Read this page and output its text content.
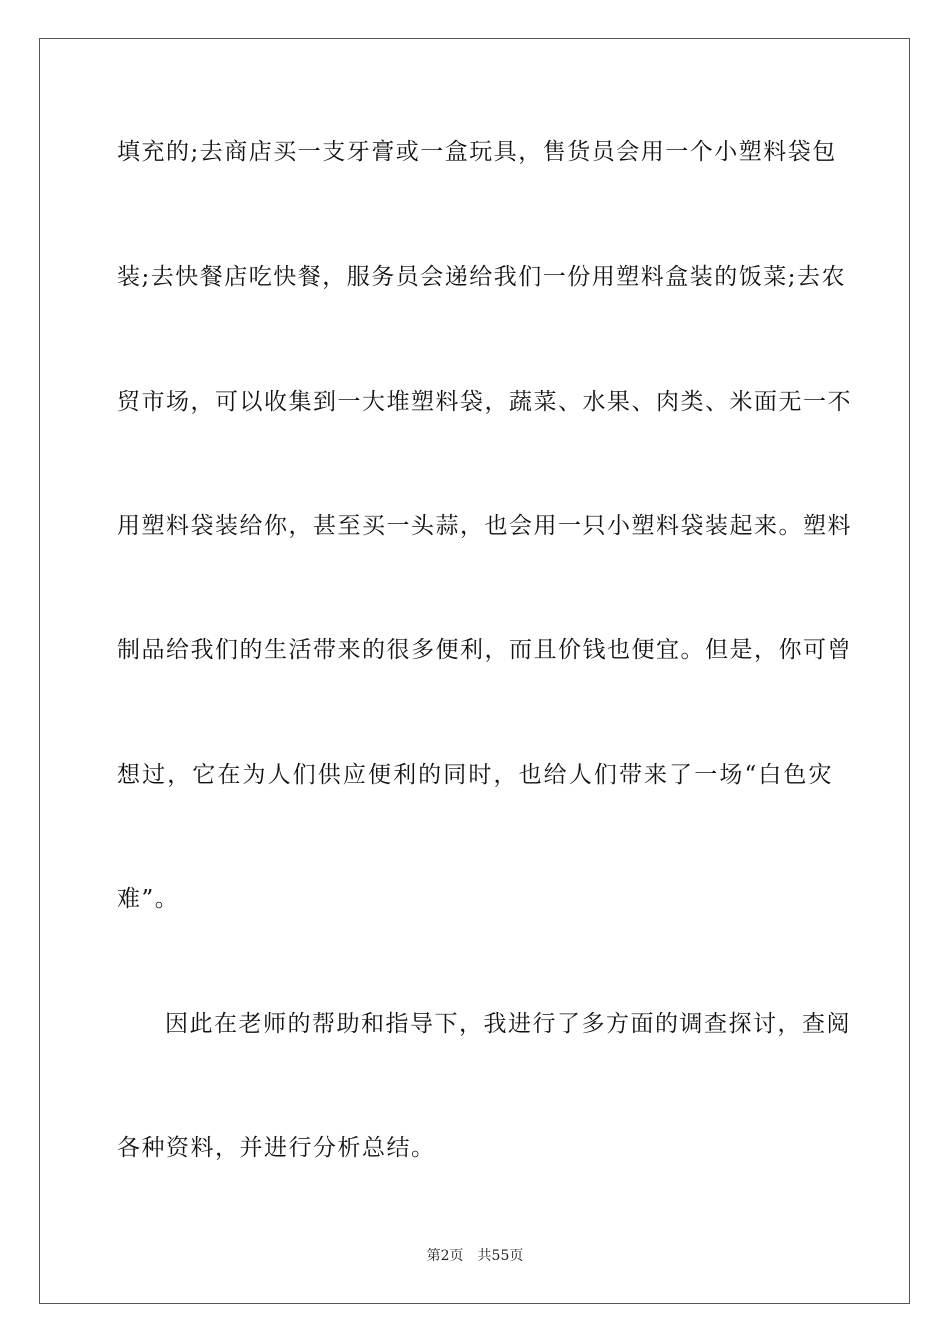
填充的;去商店买一支牙膏或一盒玩具，售货员会用一个小塑料袋包
装;去快餐店吃快餐，服务员会递给我们一份用塑料盒装的饭菜;去农
贸市场，可以收集到一大堆塑料袋，蔬菜、水果、肉类、米面无一不
用塑料袋装给你，甚至买一头蒜，也会用一只小塑料袋装起来。塑料
制品给我们的生活带来的很多便利，而且价钱也便宜。但是，你可曾
想过，它在为人们供应便利的同时，也给人们带来了一场“白色灾
难”。
因此在老师的帮助和指导下，我进行了多方面的调查探讨，查阅
各种资料，并进行分析总结。
第2页 共55页
